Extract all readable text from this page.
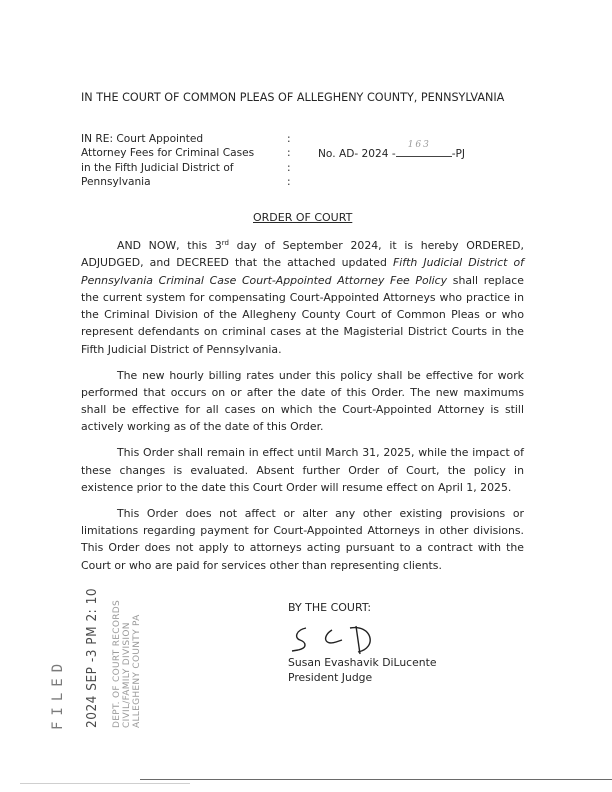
IN THE COURT OF COMMON PLEAS OF ALLEGHENY COUNTY, PENNSYLVANIA
IN RE: Court Appointed
Attorney Fees for Criminal Cases
in the Fifth Judicial District of
Pennsylvania
:
:
:
:
No. AD- 2024 -
163
-PJ
ORDER OF COURT

AND NOW, this 3rd day of September 2024, it is hereby ORDERED, ADJUDGED, and DECREED that the attached updated Fifth Judicial District of Pennsylvania Criminal Case Court-Appointed Attorney Fee Policy shall replace the current system for compensating Court-Appointed Attorneys who practice in the Criminal Division of the Allegheny County Court of Common Pleas or who represent defendants on criminal cases at the Magisterial District Courts in the Fifth Judicial District of Pennsylvania.

The new hourly billing rates under this policy shall be effective for work performed that occurs on or after the date of this Order. The new maximums shall be effective for all cases on which the Court-Appointed Attorney is still actively working as of the date of this Order.

This Order shall remain in effect until March 31, 2025, while the impact of these changes is evaluated. Absent further Order of Court, the policy in existence prior to the date this Court Order will resume effect on April 1, 2025.

This Order does not affect or alter any other existing provisions or limitations regarding payment for Court-Appointed Attorneys in other divisions. This Order does not apply to attorneys acting pursuant to a contract with the Court or who are paid for services other than representing clients.

BY THE COURT:
Susan Evashavik DiLucente
President Judge
FILED 2024 SEP -3 PM 2: 10 DEPT. OF COURT RECORDS CIVIL/FAMILY DIVISION ALLEGHENY COUNTY PA
